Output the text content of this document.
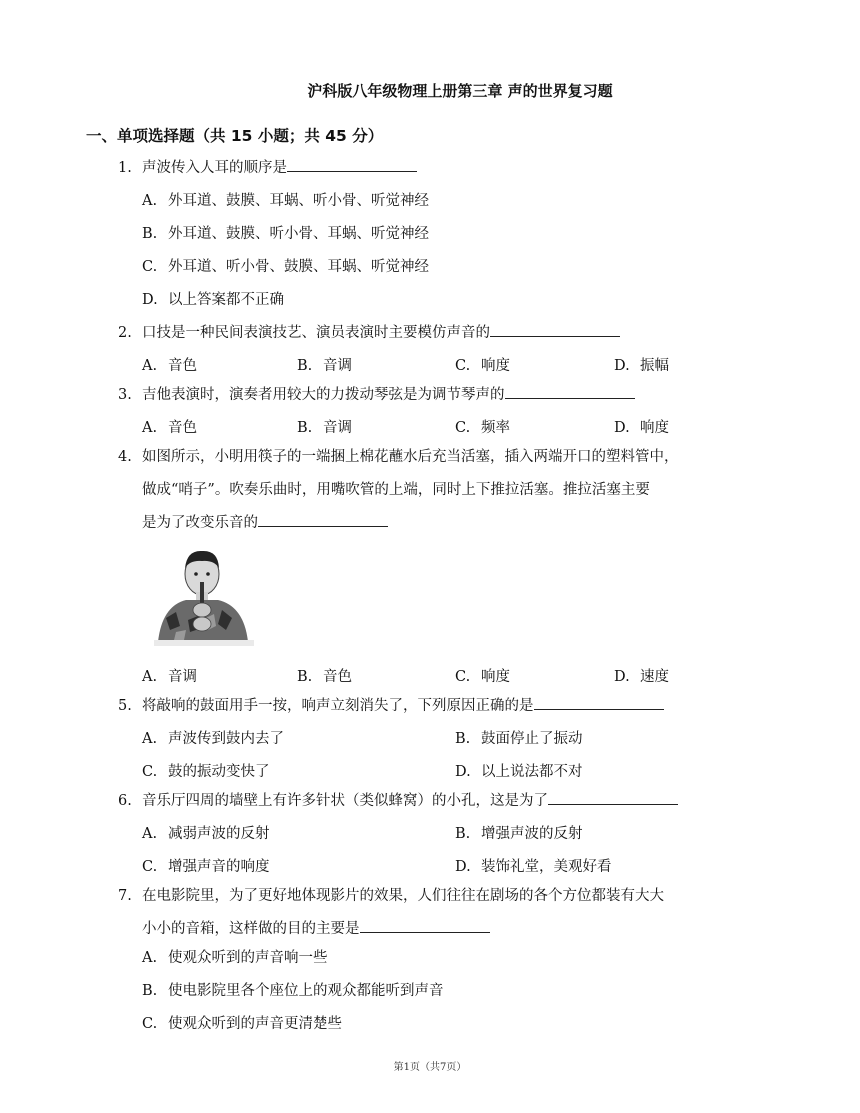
沪科版八年级物理上册第三章 声的世界复习题
一、单项选择题（共 15 小题；共 45 分）
1. 声波传入人耳的顺序是
A. 外耳道、鼓膜、耳蜗、听小骨、听觉神经
B. 外耳道、鼓膜、听小骨、耳蜗、听觉神经
C. 外耳道、听小骨、鼓膜、耳蜗、听觉神经
D. 以上答案都不正确
2. 口技是一种民间表演技艺、演员表演时主要模仿声音的
A. 音色	B. 音调	C. 响度	D. 振幅
3. 吉他表演时，演奏者用较大的力拨动琴弦是为调节琴声的
A. 音色	B. 音调	C. 频率	D. 响度
4. 如图所示，小明用筷子的一端捆上棉花蘸水后充当活塞，插入两端开口的塑料管中，
做成“哨子”。吹奏乐曲时，用嘴吹管的上端，同时上下推拉活塞。推拉活塞主要
是为了改变乐音的
A. 音调	B. 音色	C. 响度	D. 速度
5. 将敲响的鼓面用手一按，响声立刻消失了，下列原因正确的是
A. 声波传到鼓内去了	B. 鼓面停止了振动
C. 鼓的振动变快了	D. 以上说法都不对
6. 音乐厅四周的墙壁上有许多针状（类似蜂窝）的小孔，这是为了
A. 减弱声波的反射	B. 增强声波的反射
C. 增强声音的响度	D. 装饰礼堂，美观好看
7. 在电影院里，为了更好地体现影片的效果，人们往往在剧场的各个方位都装有大大
小小的音箱，这样做的目的主要是
A. 使观众听到的声音响一些
B. 使电影院里各个座位上的观众都能听到声音
C. 使观众听到的声音更清楚些
第1页（共7页）
